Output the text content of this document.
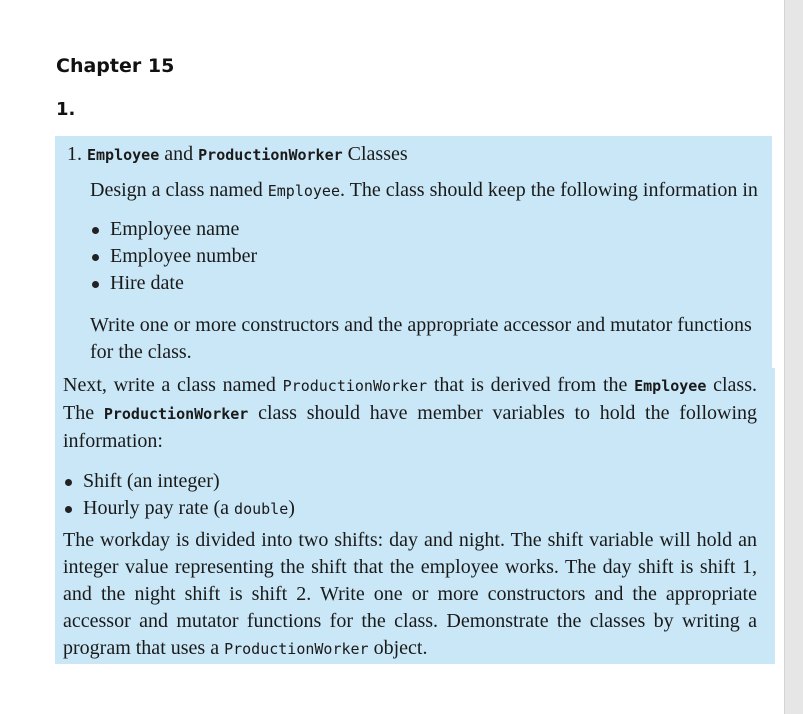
Chapter 15
1.
1. Employee and ProductionWorker Classes
Design a class named Employee. The class should keep the following information in
Employee name
Employee number
Hire date
Write one or more constructors and the appropriate accessor and mutator functions for the class.

Next, write a class named ProductionWorker that is derived from the Employee class. The ProductionWorker class should have member variables to hold the following information:

Shift (an integer)
Hourly pay rate (a double)

The workday is divided into two shifts: day and night. The shift variable will hold an integer value representing the shift that the employee works. The day shift is shift 1, and the night shift is shift 2. Write one or more constructors and the appropriate accessor and mutator functions for the class. Demonstrate the classes by writing a program that uses a ProductionWorker object.
